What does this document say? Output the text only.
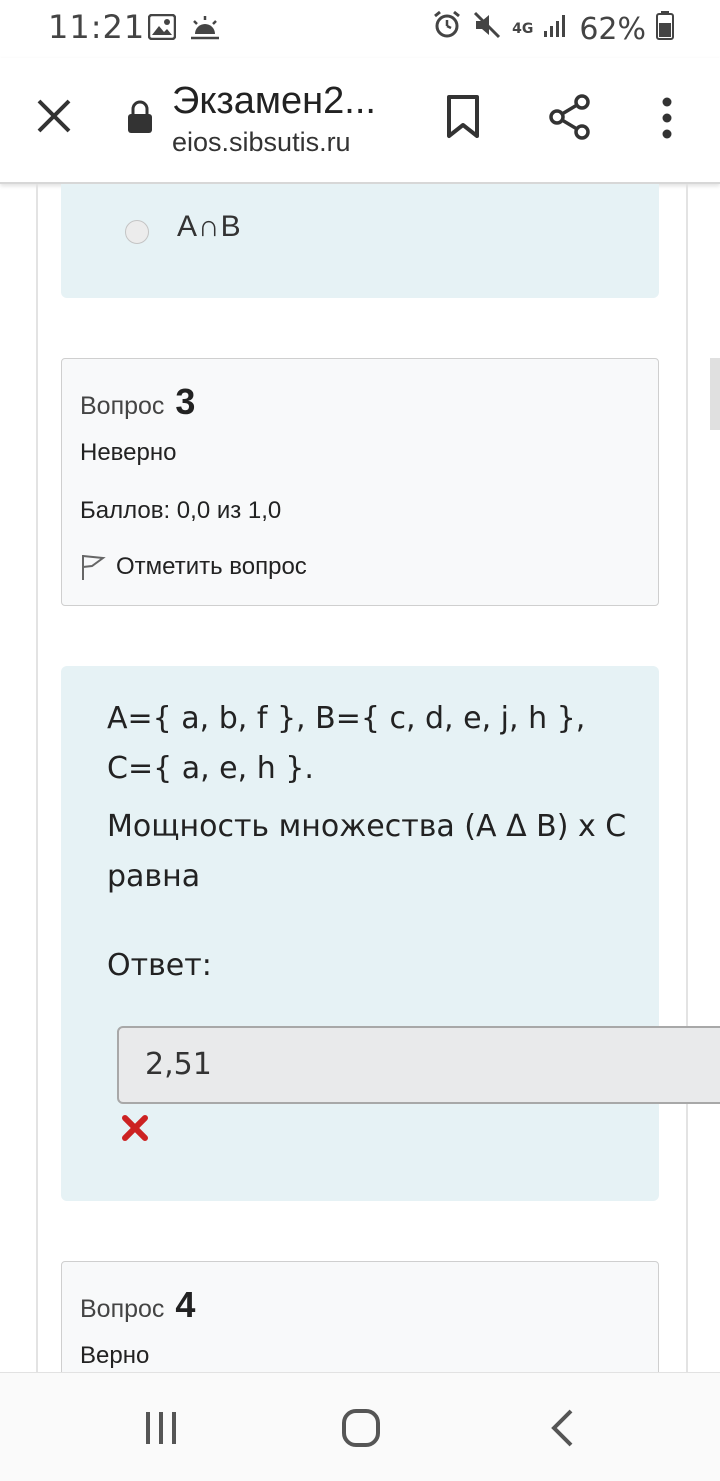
11:21	4G 62%
Экзамен2...
eios.sibsutis.ru
A∩B
Вопрос 3
Неверно
Баллов: 0,0 из 1,0
Отметить вопрос

A={ a, b, f }, B={ c, d, e, j, h }, C={ a, e, h }.

Мощность множества (A Δ B) x C равна

Ответ:
2,51
Вопрос 4
Верно
